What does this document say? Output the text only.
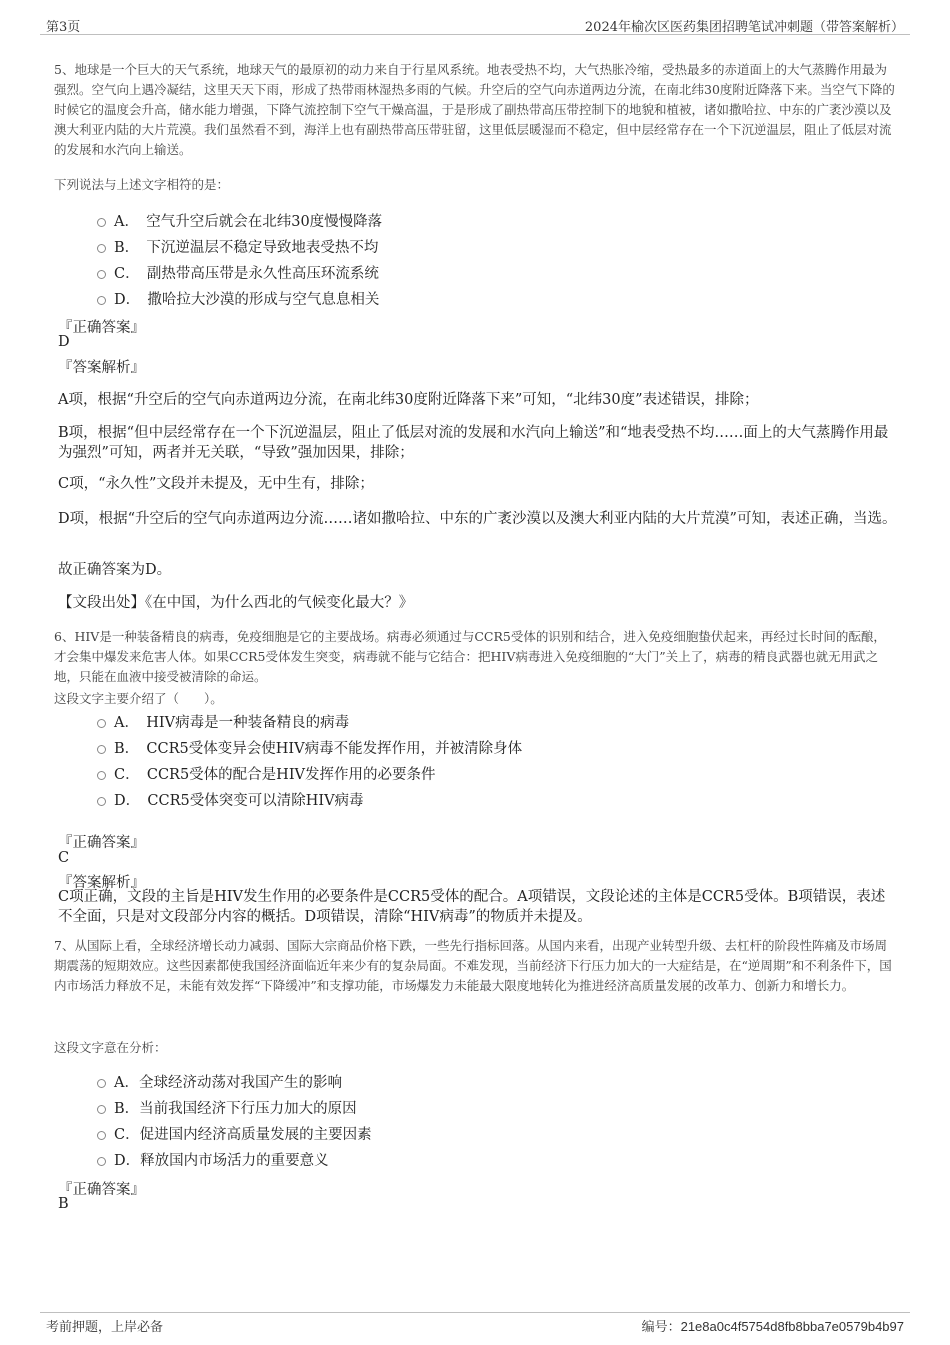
第3页	2024年榆次区医药集团招聘笔试冲刺题（带答案解析）
5、地球是一个巨大的天气系统，地球天气的最原初的动力来自于行星风系统。地表受热不均，大气热胀冷缩，受热最多的赤道面上的大气蒸腾作用最为强烈。空气向上遇冷凝结，这里天天下雨，形成了热带雨林湿热多雨的气候。升空后的空气向赤道两边分流，在南北纬30度附近降落下来。当空气下降的时候它的温度会升高，储水能力增强，下降气流控制下空气干燥高温，于是形成了副热带高压带控制下的地貌和植被，诸如撒哈拉、中东的广袤沙漠以及澳大利亚内陆的大片荒漠。我们虽然看不到，海洋上也有副热带高压带驻留，这里低层暖湿而不稳定，但中层经常存在一个下沉逆温层，阻止了低层对流的发展和水汽向上输送。
下列说法与上述文字相符的是：
A．　空气升空后就会在北纬30度慢慢降落
B．　下沉逆温层不稳定导致地表受热不均
C．　副热带高压带是永久性高压环流系统
D．　撒哈拉大沙漠的形成与空气息息相关
『正确答案』
D
『答案解析』
A项，根据“升空后的空气向赤道两边分流，在南北纬30度附近降落下来”可知，“北纬30度”表述错误，排除；
B项，根据“但中层经常存在一个下沉逆温层，阻止了低层对流的发展和水汽向上输送”和“地表受热不均……面上的大气蒸腾作用最为强烈”可知，两者并无关联，“导致”强加因果，排除；
C项，“永久性”文段并未提及，无中生有，排除；
D项，根据“升空后的空气向赤道两边分流……诸如撒哈拉、中东的广袤沙漠以及澳大利亚内陆的大片荒漠”可知，表述正确，当选。
故正确答案为D。
【文段出处】《在中国，为什么西北的气候变化最大？》
6、HIV是一种装备精良的病毒，免疫细胞是它的主要战场。病毒必须通过与CCR5受体的识别和结合，进入免疫细胞蛰伏起来，再经过长时间的酝酿，才会集中爆发来危害人体。如果CCR5受体发生突变，病毒就不能与它结合：把HIV病毒进入免疫细胞的“大门”关上了，病毒的精良武器也就无用武之地，只能在血液中接受被清除的命运。
这段文字主要介绍了（　　）。
A．　HIV病毒是一种装备精良的病毒
B．　CCR5受体变异会使HIV病毒不能发挥作用，并被清除身体
C．　CCR5受体的配合是HIV发挥作用的必要条件
D．　CCR5受体突变可以清除HIV病毒
『正确答案』
C
『答案解析』
C项正确，文段的主旨是HIV发生作用的必要条件是CCR5受体的配合。A项错误，文段论述的主体是CCR5受体。B项错误，表述不全面，只是对文段部分内容的概括。D项错误，清除“HIV病毒”的物质并未提及。
7、从国际上看，全球经济增长动力减弱、国际大宗商品价格下跌，一些先行指标回落。从国内来看，出现产业转型升级、去杠杆的阶段性阵痛及市场周期震荡的短期效应。这些因素都使我国经济面临近年来少有的复杂局面。不难发现，当前经济下行压力加大的一大症结是，在“逆周期”和不利条件下，国内市场活力释放不足，未能有效发挥“下降缓冲”和支撑功能，市场爆发力未能最大限度地转化为推进经济高质量发展的改革力、创新力和增长力。
这段文字意在分析：
A．全球经济动荡对我国产生的影响
B．当前我国经济下行压力加大的原因
C．促进国内经济高质量发展的主要因素
D．释放国内市场活力的重要意义
『正确答案』
B
考前押题，上岸必备	编号：21e8a0c4f5754d8fb8bba7e0579b4b97
